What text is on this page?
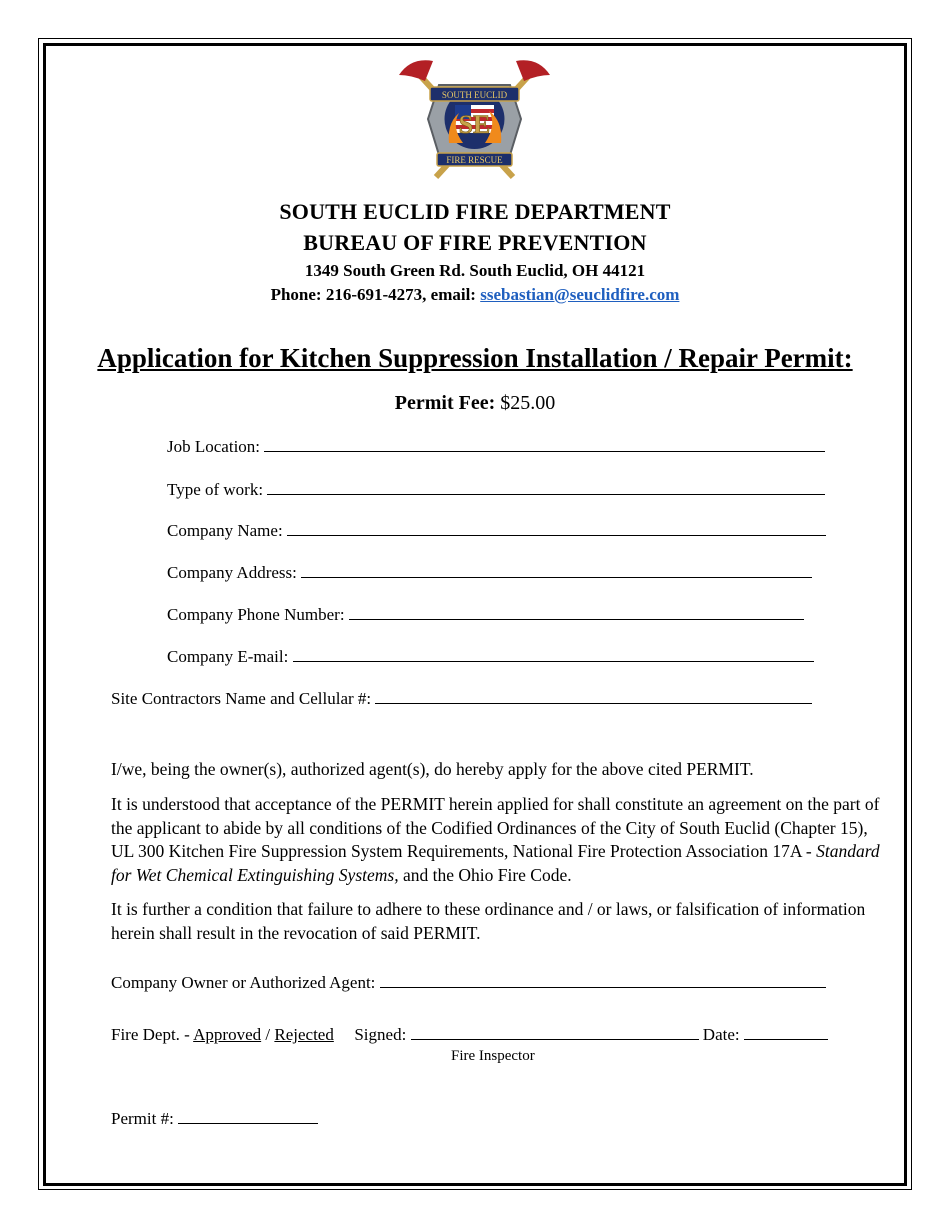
SOUTH EUCLID
FIRE RESCUE
SE
SOUTH EUCLID FIRE DEPARTMENT
BUREAU OF FIRE PREVENTION
1349 South Green Rd. South Euclid, OH 44121
Phone: 216-691-4273, email: ssebastian@seuclidfire.com
Application for Kitchen Suppression Installation / Repair Permit:
Permit Fee: $25.00
Job Location:
Type of work:
Company Name:
Company Address:
Company Phone Number:
Company E-mail:
Site Contractors Name and Cellular #:
I/we, being the owner(s), authorized agent(s), do hereby apply for the above cited PERMIT.
It is understood that acceptance of the PERMIT herein applied for shall constitute an agreement on the part of the applicant to abide by all conditions of the Codified Ordinances of the City of South Euclid (Chapter 15), UL 300 Kitchen Fire Suppression System Requirements, National Fire Protection Association 17A - Standard for Wet Chemical Extinguishing Systems, and the Ohio Fire Code.
It is further a condition that failure to adhere to these ordinance and / or laws, or falsification of information herein shall result in the revocation of said PERMIT.
Company Owner or Authorized Agent:
Fire Dept. - Approved / Rejected Signed:	Date:
Fire Inspector
Permit #:
